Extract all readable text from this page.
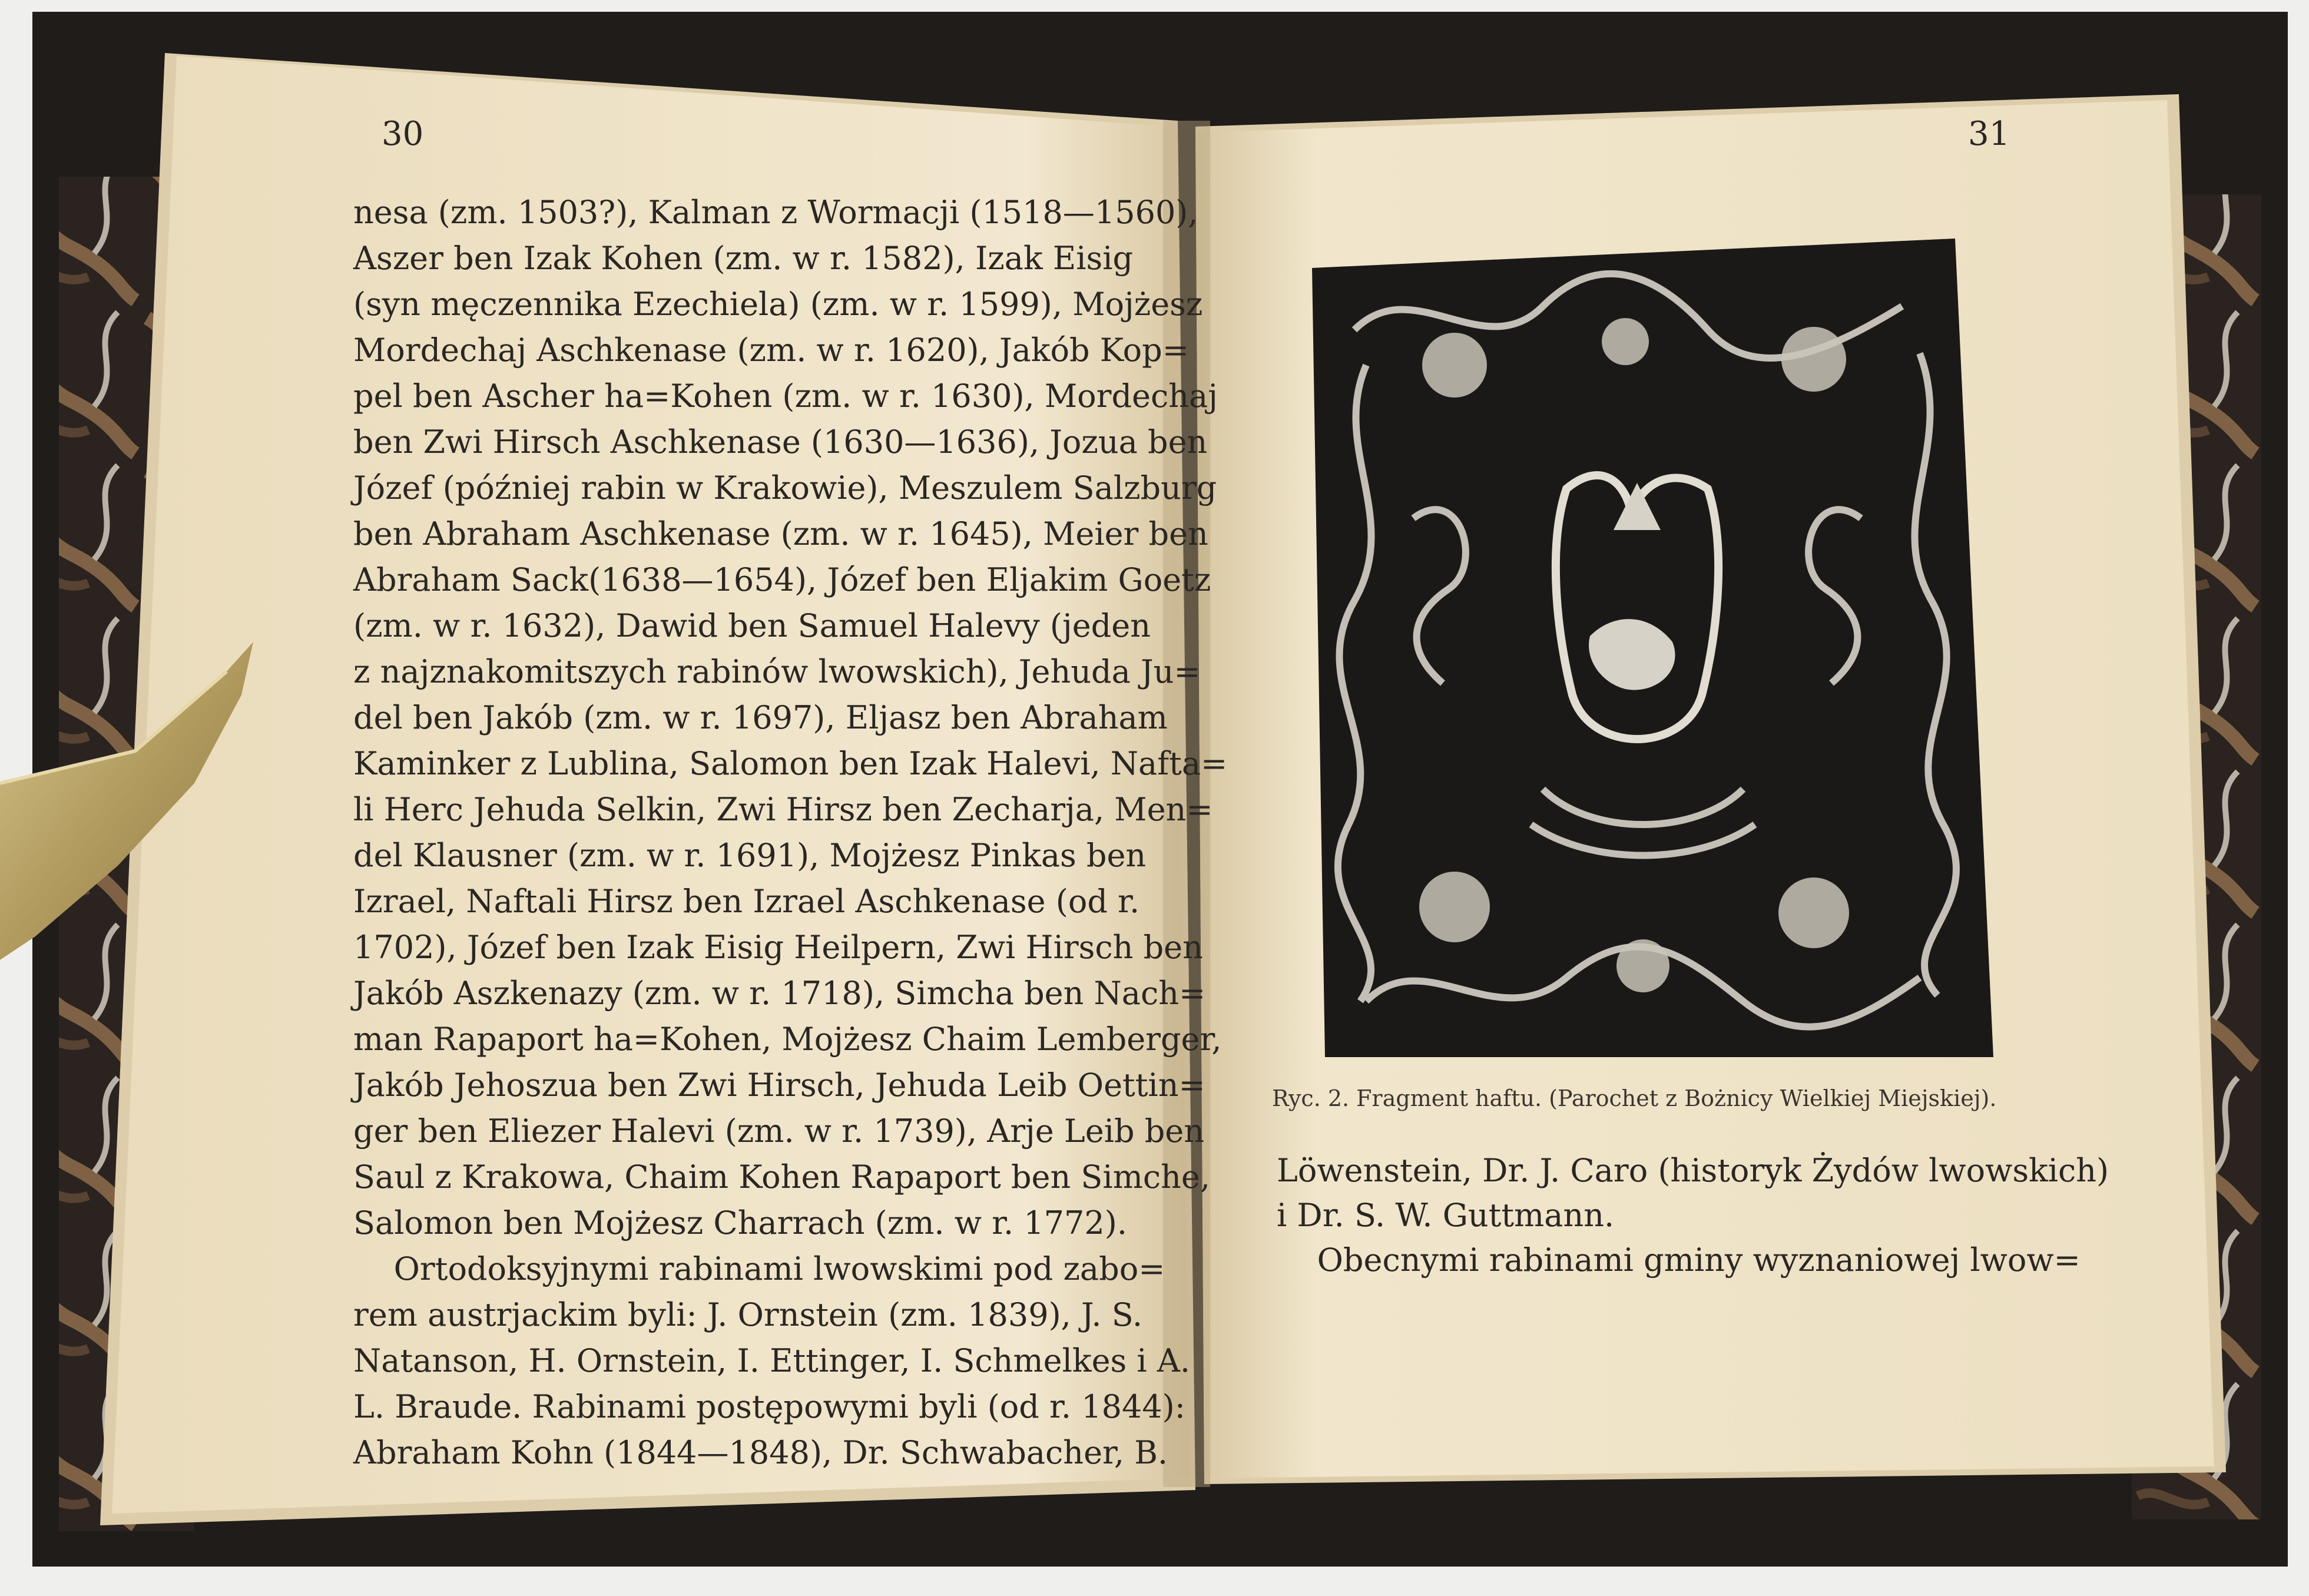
30
nesa (zm. 1503?), Kalman z Wormacji (1518—1560),
Aszer ben Izak Kohen (zm. w r. 1582), Izak Eisig
(syn męczennika Ezechiela) (zm. w r. 1599), Mojżesz
Mordechaj Aschkenase (zm. w r. 1620), Jakób Kop=
pel ben Ascher ha=Kohen (zm. w r. 1630), Mordechaj
ben Zwi Hirsch Aschkenase (1630—1636), Jozua ben
Józef (później rabin w Krakowie), Meszulem Salzburg
ben Abraham Aschkenase (zm. w r. 1645), Meier ben
Abraham Sack(1638—1654), Józef ben Eljakim Goetz
(zm. w r. 1632), Dawid ben Samuel Halevy (jeden
z najznakomitszych rabinów lwowskich), Jehuda Ju=
del ben Jakób (zm. w r. 1697), Eljasz ben Abraham
Kaminker z Lublina, Salomon ben Izak Halevi, Nafta=
li Herc Jehuda Selkin, Zwi Hirsz ben Zecharja, Men=
del Klausner (zm. w r. 1691), Mojżesz Pinkas ben
Izrael, Naftali Hirsz ben Izrael Aschkenase (od r.
1702), Józef ben Izak Eisig Heilpern, Zwi Hirsch ben
Jakób Aszkenazy (zm. w r. 1718), Simcha ben Nach=
man Rapaport ha=Kohen, Mojżesz Chaim Lemberger,
Jakób Jehoszua ben Zwi Hirsch, Jehuda Leib Oettin=
ger ben Eliezer Halevi (zm. w r. 1739), Arje Leib ben
Saul z Krakowa, Chaim Kohen Rapaport ben Simche,
Salomon ben Mojżesz Charrach (zm. w r. 1772).
Ortodoksyjnymi rabinami lwowskimi pod zabo=
rem austrjackim byli: J. Ornstein (zm. 1839), J. S.
Natanson, H. Ornstein, I. Ettinger, I. Schmelkes i A.
L. Braude. Rabinami postępowymi byli (od r. 1844):
Abraham Kohn (1844—1848), Dr. Schwabacher, B.
31
Ryc. 2. Fragment haftu. (Parochet z Bożnicy Wielkiej Miejskiej).
Löwenstein, Dr. J. Caro (historyk Żydów lwowskich)
i Dr. S. W. Guttmann.
Obecnymi rabinami gminy wyznaniowej lwow=
